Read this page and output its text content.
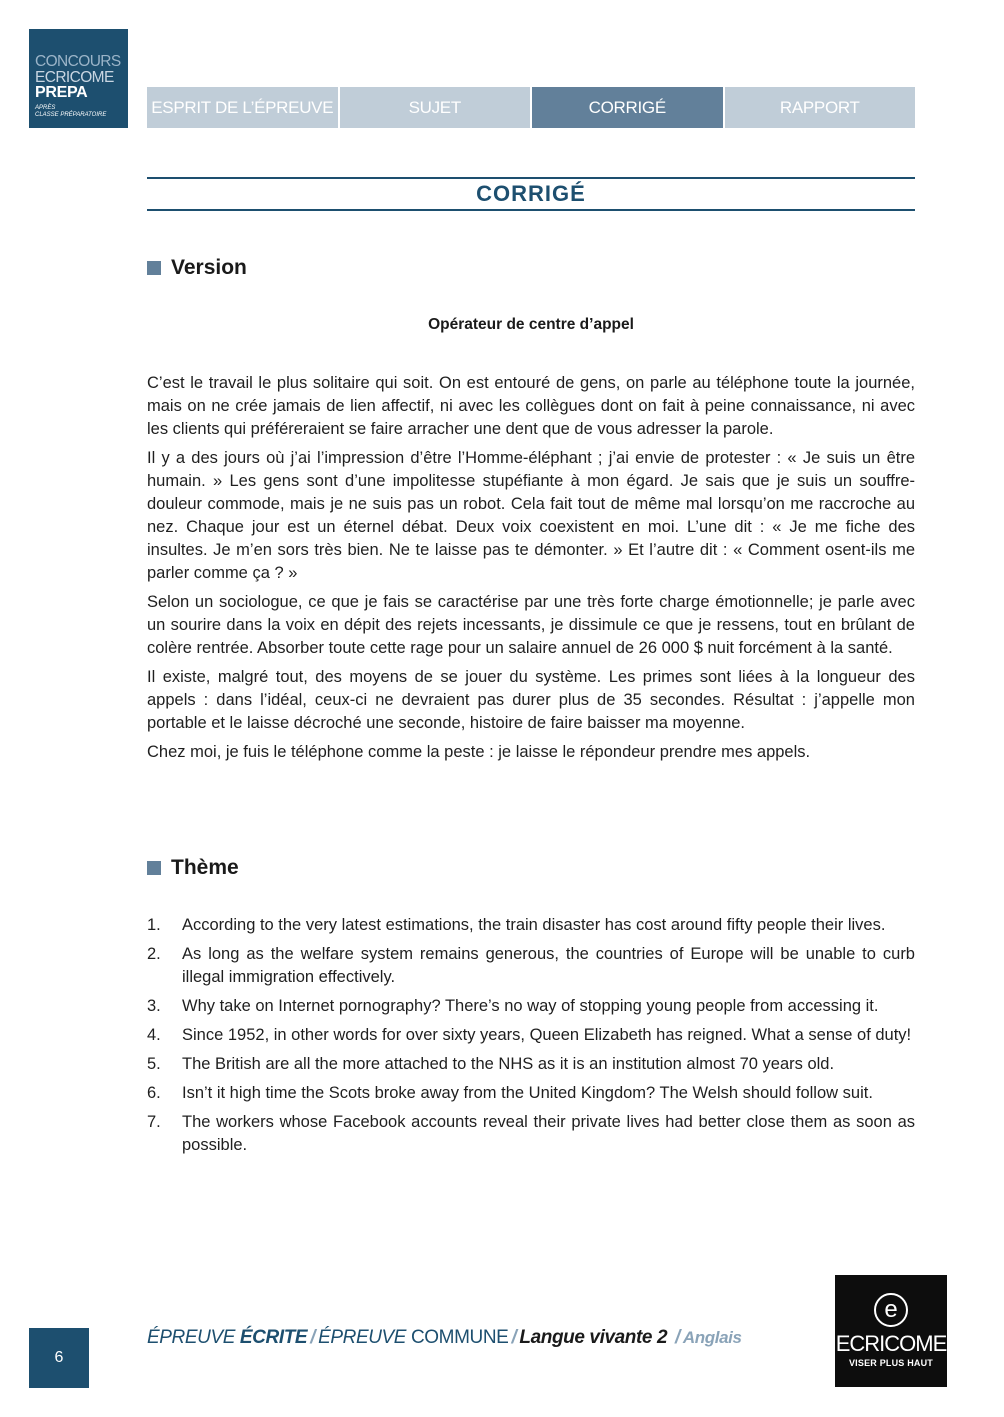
CONCOURS
ECRICOME
PREPA
APRÈS
CLASSE PRÉPARATOIRE	ESPRIT DE L’ÉPREUVE	SUJET	CORRIGÉ	RAPPORT
CORRIGÉ
Version
Opérateur de centre d’appel

C’est le travail le plus solitaire qui soit. On est entouré de gens, on parle au téléphone toute la journée, mais on ne crée jamais de lien affectif, ni avec les collègues dont on fait à peine connaissance, ni avec les clients qui préféreraient se faire arracher une dent que de vous adresser la parole.

Il y a des jours où j’ai l’impression d’être l’Homme-éléphant ; j’ai envie de protester : « Je suis un être humain. » Les gens sont d’une impolitesse stupéfiante à mon égard. Je sais que je suis un souffre-douleur commode, mais je ne suis pas un robot. Cela fait tout de même mal lorsqu’on me raccroche au nez. Chaque jour est un éternel débat. Deux voix coexistent en moi. L’une dit : « Je me fiche des insultes. Je m’en sors très bien. Ne te laisse pas te démonter. » Et l’autre dit : « Comment osent-ils me parler comme ça ? »

Selon un sociologue, ce que je fais se caractérise par une très forte charge émotionnelle; je parle avec un sourire dans la voix en dépit des rejets incessants, je dissimule ce que je ressens, tout en brûlant de colère rentrée. Absorber toute cette rage pour un salaire annuel de 26 000 $ nuit forcément à la santé.

Il existe, malgré tout, des moyens de se jouer du système. Les primes sont liées à la longueur des appels : dans l’idéal, ceux-ci ne devraient pas durer plus de 35 secondes. Résultat : j’appelle mon portable et le laisse décroché une seconde, histoire de faire baisser ma moyenne.

Chez moi, je fuis le téléphone comme la peste : je laisse le répondeur prendre mes appels.

Thème
1.	According to the very latest estimations, the train disaster has cost around fifty people their lives.
2.	As long as the welfare system remains generous, the countries of Europe will be unable to curb illegal immigration effectively.
3.	Why take on Internet pornography? There’s no way of stopping young people from accessing it.
4.	Since 1952, in other words for over sixty years, Queen Elizabeth has reigned. What a sense of duty!
5.	The British are all the more attached to the NHS as it is an institution almost 70 years old.
6.	Isn’t it high time the Scots broke away from the United Kingdom? The Welsh should follow suit.
7.	The workers whose Facebook accounts reveal their private lives had better close them as soon as possible.
6
ÉPREUVE ÉCRITE / ÉPREUVE COMMUNE / Langue vivante 2 / Anglais
e
ECRICOME
VISER PLUS HAUT
